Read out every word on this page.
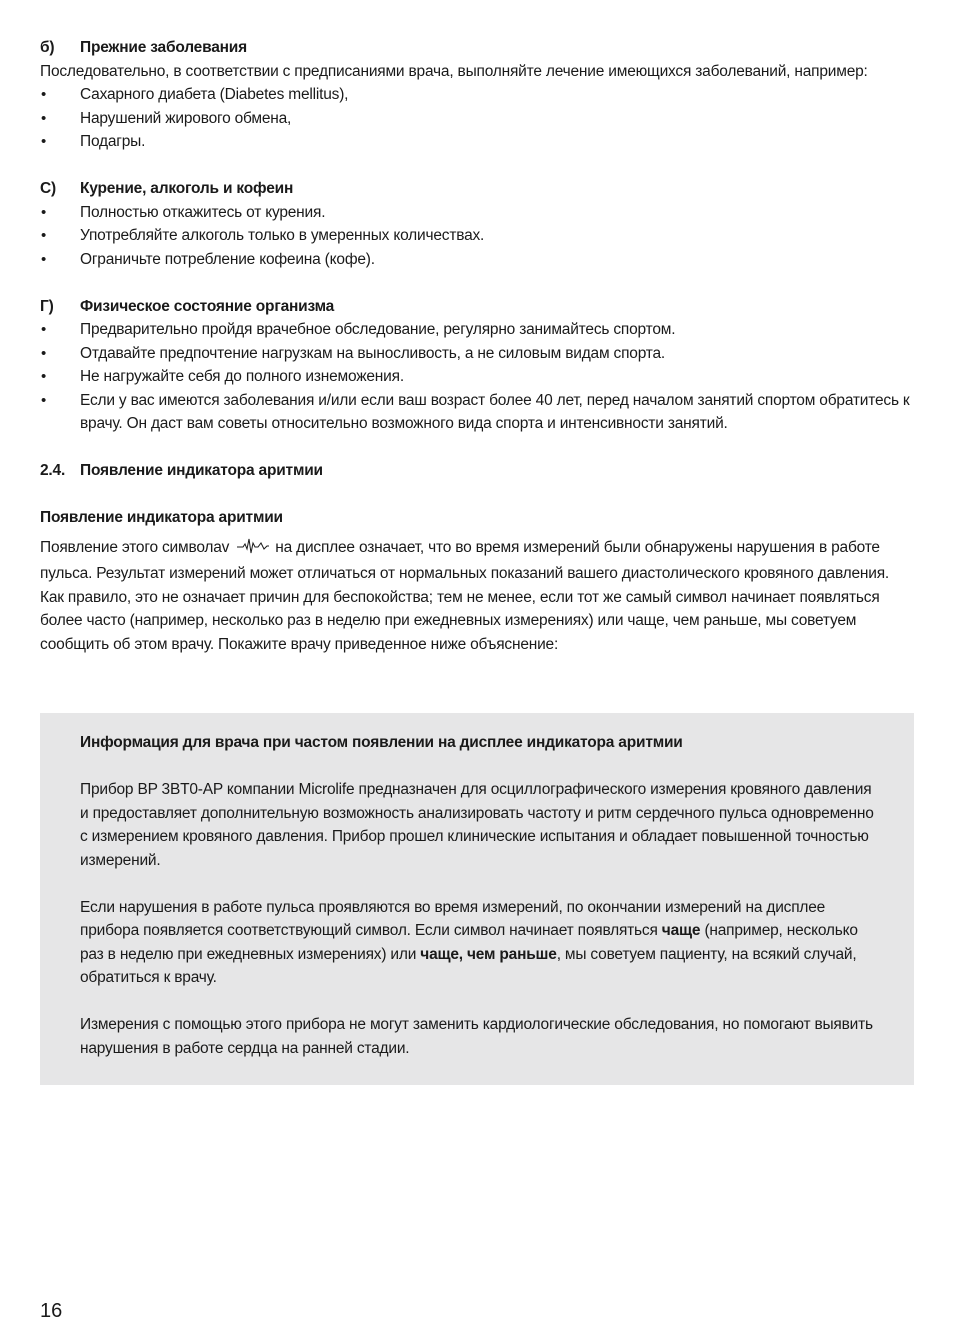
б)	Прежние заболевания

Последовательно, в соответствии с предписаниями врача, выполняйте лечение имеющихся заболеваний, например:

• Сахарного диабета (Diabetes mellitus),
• Нарушений жирового обмена,
• Подагры.
С)	Курение, алкоголь и кофеин
• Полностью откажитесь от курения.
• Употребляйте алкоголь только в умеренных количествах.
• Ограничьте потребление кофеина (кофе).
Г)	Физическое состояние организма
• Предварительно пройдя врачебное обследование, регулярно занимайтесь спортом.
• Отдавайте предпочтение нагрузкам на выносливость, а не силовым видам спорта.
• Не нагружайте себя до полного изнеможения.
• Если у вас имеются заболевания и/или если ваш возраст более 40 лет, перед началом занятий спортом обратитесь к врачу. Он даст вам советы относительно возможного вида спорта и интенсивности занятий.
2.4. Появление индикатора аритмии
Появление индикатора аритмии

Появление этого символav	на дисплее означает, что во время измерений были обнаружены нарушения в работе пульса. Результат измерений может отличаться от нормальных показаний вашего диастолического кровяного давления. Как правило, это не означает причин для беспокойства; тем не менее, если тот же самый символ начинает появляться более часто (например, несколько раз в неделю при ежедневных измерениях) или чаще, чем раньше, мы советуем сообщить об этом врачу. Покажите врачу приведенное ниже объяснение:

Информация для врача при частом появлении на дисплее индикатора аритмии

Прибор BP 3BT0-AP компании Microlife предназначен для осциллографического измерения кровяного давления и предоставляет дополнительную возможность анализировать частоту и ритм сердечного пульса одновременно с измерением кровяного давления. Прибор прошел клинические испытания и обладает повышенной точностью измерений.

Если нарушения в работе пульса проявляются во время измерений, по окончании измерений на дисплее прибора появляется соответствующий символ. Если символ начинает появляться чаще (например, несколько раз в неделю при ежедневных измерениях) или чаще, чем раньше, мы советуем пациенту, на всякий случай, обратиться к врачу.

Измерения с помощью этого прибора не могут заменить кардиологические обследования, но помогают выявить нарушения в работе сердца на ранней стадии.

16
